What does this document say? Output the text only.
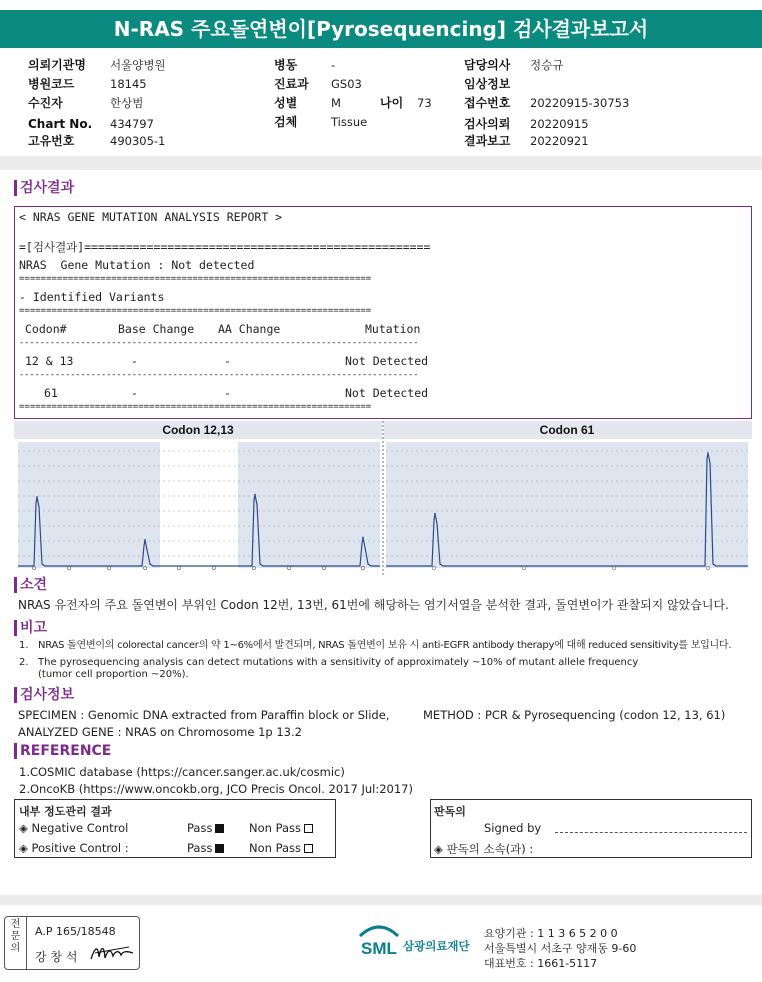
N-RAS 주요돌연변이[Pyrosequencing] 검사결과보고서
의뢰기관명 서울양병원
병원코드	18145
수진자	한상범
Chart No. 434797
고유번호	490305-1
병동	-
진료과 GS03
성별	M	나이 73
검체	Tissue
담당의사 정승규
임상정보
접수번호 20220915-30753
검사의뢰 20220915
결과보고 20220921
검사결과
< NRAS GENE MUTATION ANALYSIS REPORT >
=[검사결과]==================================================
NRAS  Gene Mutation : Not detected
=================================================================
- Identified Variants
=================================================================
Codon#	Base Change AA Change	Mutation
------------------------------------------------------------------------------
12 & 13	-	-	Not Detected
------------------------------------------------------------------------------
61	-	-	Not Detected
=================================================================
Codon 12,13	Codon 61
소견
NRAS 유전자의 주요 돌연변이 부위인 Codon 12번, 13번, 61번에 해당하는 염기서열을 분석한 결과, 돌연변이가 관찰되지 않았습니다.
비고
1. NRAS 돌연변이의 colorectal cancer의 약 1~6%에서 발견되며, NRAS 돌연변이 보유 시 anti-EGFR antibody therapy에 대해 reduced sensitivity를 보입니다.
2. The pyrosequencing analysis can detect mutations with a sensitivity of approximately ~10% of mutant allele frequency
(tumor cell proportion ~20%).
검사정보
SPECIMEN : Genomic DNA extracted from Paraffin block or Slide,	METHOD : PCR & Pyrosequencing (codon 12, 13, 61)
ANALYZED GENE : NRAS on Chromosome 1p 13.2
REFERENCE
1.COSMIC database (https://cancer.sanger.ac.uk/cosmic)
2.OncoKB (https://www.oncokb.org, JCO Precis Oncol. 2017 Jul:2017)
내부 정도관리 결과
◈ Negative Control	Pass	Non Pass
◈ Positive Control :	Pass	Non Pass
판독의
Signed by
◈ 판독의 소속(과) :
전
문
의
A.P 165/18548
강 창 석	SML 삼광의료재단
요양기관 : 1 1 3 6 5 2 0 0
서울특별시 서초구 양재동 9-60
대표번호 : 1661-5117
